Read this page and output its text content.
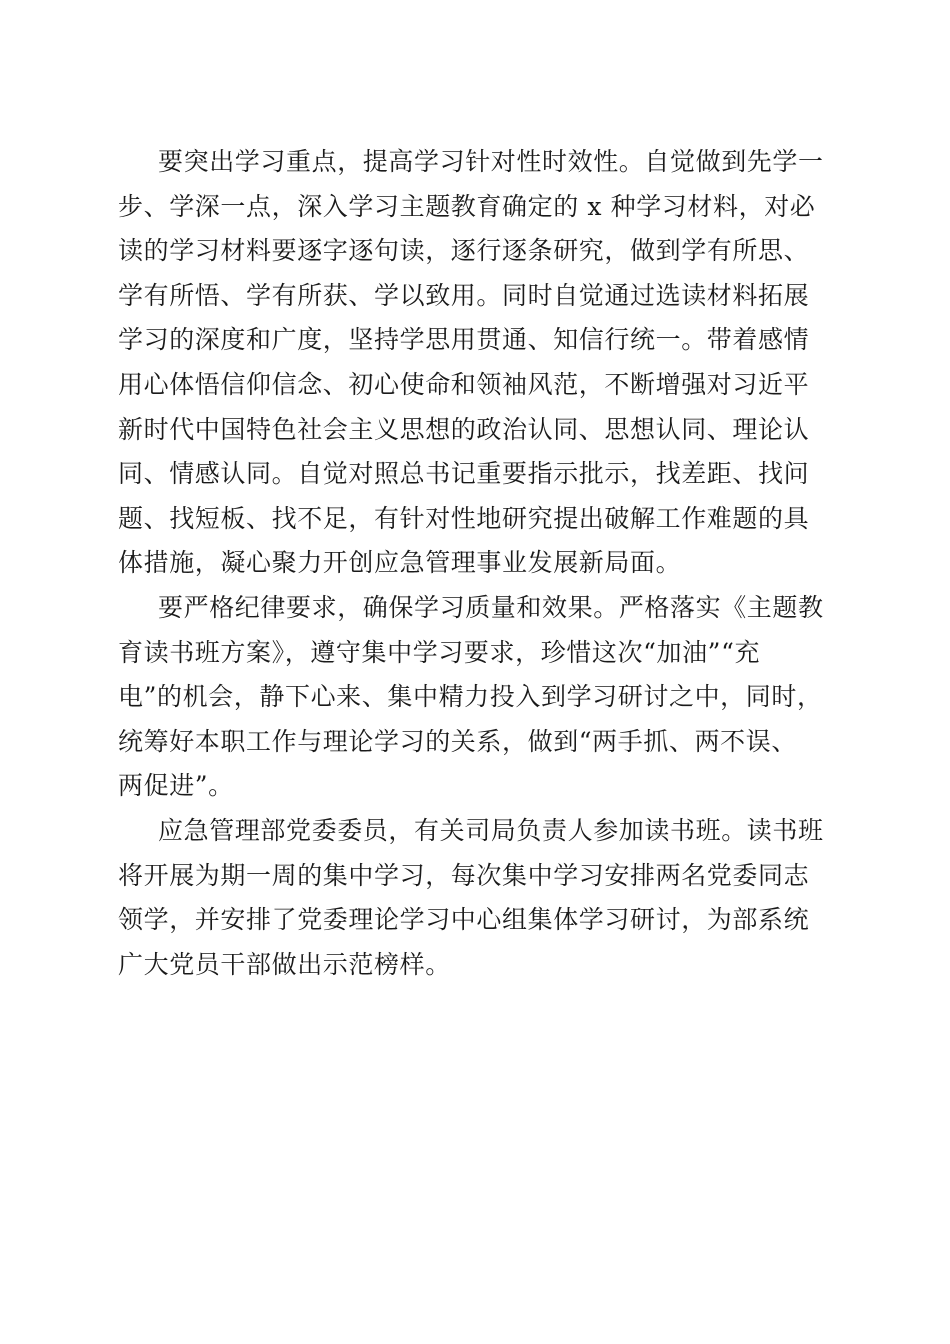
要突出学习重点，提高学习针对性时效性。自觉做到先学一
步、学深一点，深入学习主题教育确定的 x 种学习材料，对必
读的学习材料要逐字逐句读，逐行逐条研究，做到学有所思、
学有所悟、学有所获、学以致用。同时自觉通过选读材料拓展
学习的深度和广度，坚持学思用贯通、知信行统一。带着感情
用心体悟信仰信念、初心使命和领袖风范，不断增强对习近平
新时代中国特色社会主义思想的政治认同、思想认同、理论认
同、情感认同。自觉对照总书记重要指示批示，找差距、找问
题、找短板、找不足，有针对性地研究提出破解工作难题的具
体措施，凝心聚力开创应急管理事业发展新局面。
要严格纪律要求，确保学习质量和效果。严格落实《主题教
育读书班方案》，遵守集中学习要求，珍惜这次“加油”“充
电”的机会，静下心来、集中精力投入到学习研讨之中，同时，
统筹好本职工作与理论学习的关系，做到“两手抓、两不误、
两促进”。
应急管理部党委委员，有关司局负责人参加读书班。读书班
将开展为期一周的集中学习，每次集中学习安排两名党委同志
领学，并安排了党委理论学习中心组集体学习研讨，为部系统
广大党员干部做出示范榜样。
